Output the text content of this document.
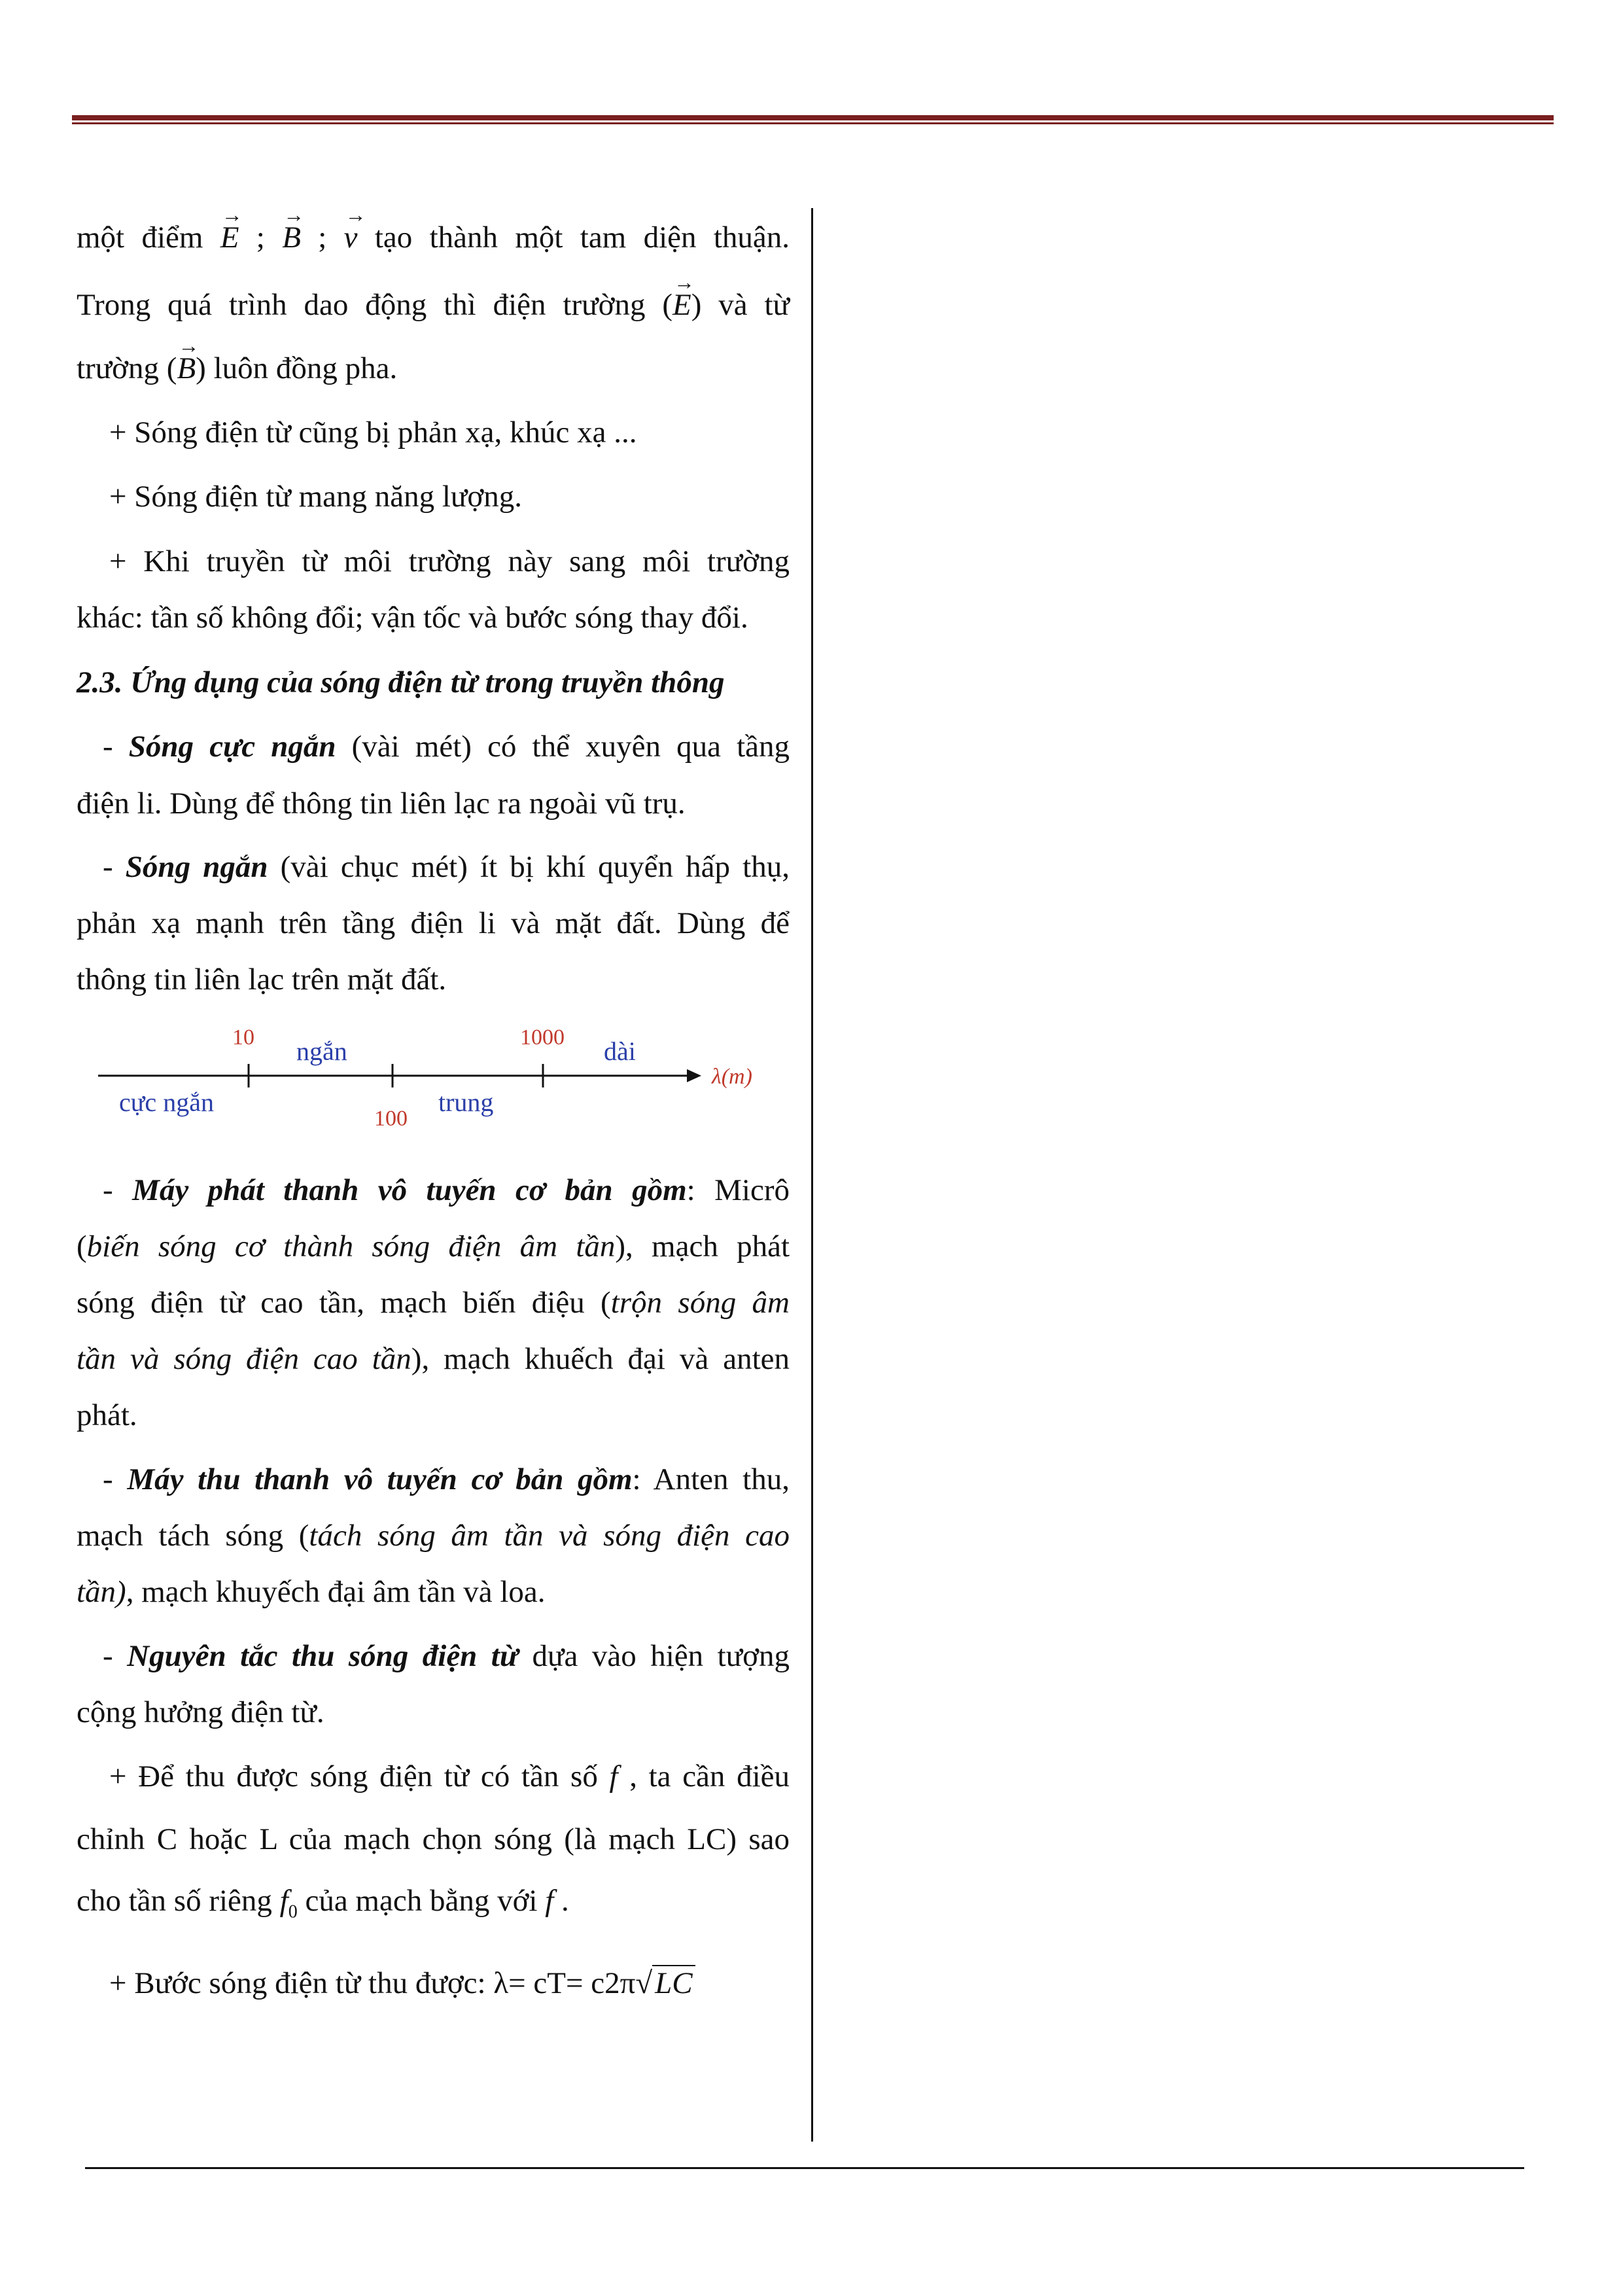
một điểm → E ; → B ; → v tạo thành một tam diện thuận.
Trong quá trình dao động thì điện trường (→ E) và từ
trường (→ B) luôn đồng pha.
+ Sóng điện từ cũng bị phản xạ, khúc xạ ...
+ Sóng điện từ mang năng lượng.
+ Khi truyền từ môi trường này sang môi trường
khác: tần số không đổi; vận tốc và bước sóng thay đổi.
2.3. Ứng dụng của sóng điện từ trong truyền thông
- Sóng cực ngắn (vài mét) có thể xuyên qua tầng
điện li. Dùng để thông tin liên lạc ra ngoài vũ trụ.
- Sóng ngắn (vài chục mét) ít bị khí quyển hấp thụ,
phản xạ mạnh trên tầng điện li và mặt đất. Dùng để
thông tin liên lạc trên mặt đất.
- Máy phát thanh vô tuyến cơ bản gồm: Micrô
(biến sóng cơ thành sóng điện âm tần), mạch phát
sóng điện từ cao tần, mạch biến điệu (trộn sóng âm
tần và sóng điện cao tần), mạch khuếch đại và anten
phát.
- Máy thu thanh vô tuyến cơ bản gồm: Anten thu,
mạch tách sóng (tách sóng âm tần và sóng điện cao
tần), mạch khuyếch đại âm tần và loa.
- Nguyên tắc thu sóng điện từ dựa vào hiện tượng
cộng hưởng điện từ.
+ Để thu được sóng điện từ có tần số f , ta cần điều
chỉnh C hoặc L của mạch chọn sóng (là mạch LC) sao
cho tần số riêng $f_0$ của mạch bằng với f .
+ Bước sóng điện từ thu được: λ= cT= c2π√LC
10
100
1000
ngắn	dài
cực ngắn	trung
λ(m)
